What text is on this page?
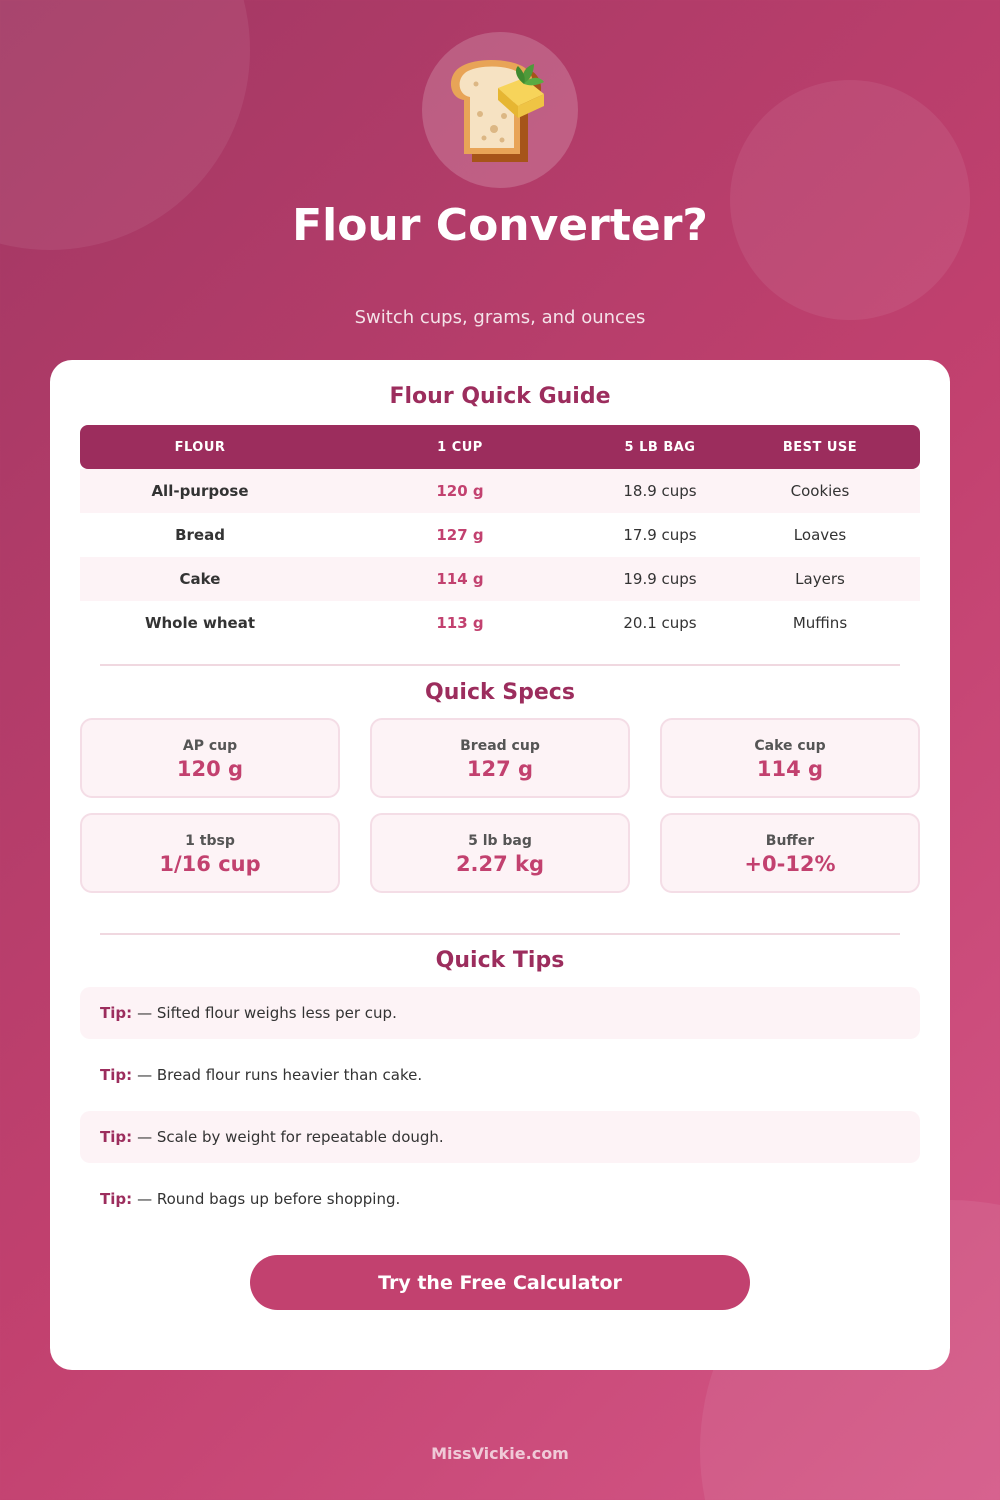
Flour Converter?
Switch cups, grams, and ounces
Flour Quick Guide
FLOUR	1 CUP	5 LB BAG	BEST USE
All-purpose	120 g	18.9 cups	Cookies
Bread	127 g	17.9 cups	Loaves
Cake	114 g	19.9 cups	Layers
Whole wheat	113 g	20.1 cups	Muffins
Quick Specs
AP cup
120 g
Bread cup
127 g
Cake cup
114 g
1 tbsp
1/16 cup
5 lb bag
2.27 kg
Buffer
+0-12%
Quick Tips
Tip: — Sifted flour weighs less per cup.
Tip: — Bread flour runs heavier than cake.
Tip: — Scale by weight for repeatable dough.
Tip: — Round bags up before shopping.
Try the Free Calculator
MissVickie.com
